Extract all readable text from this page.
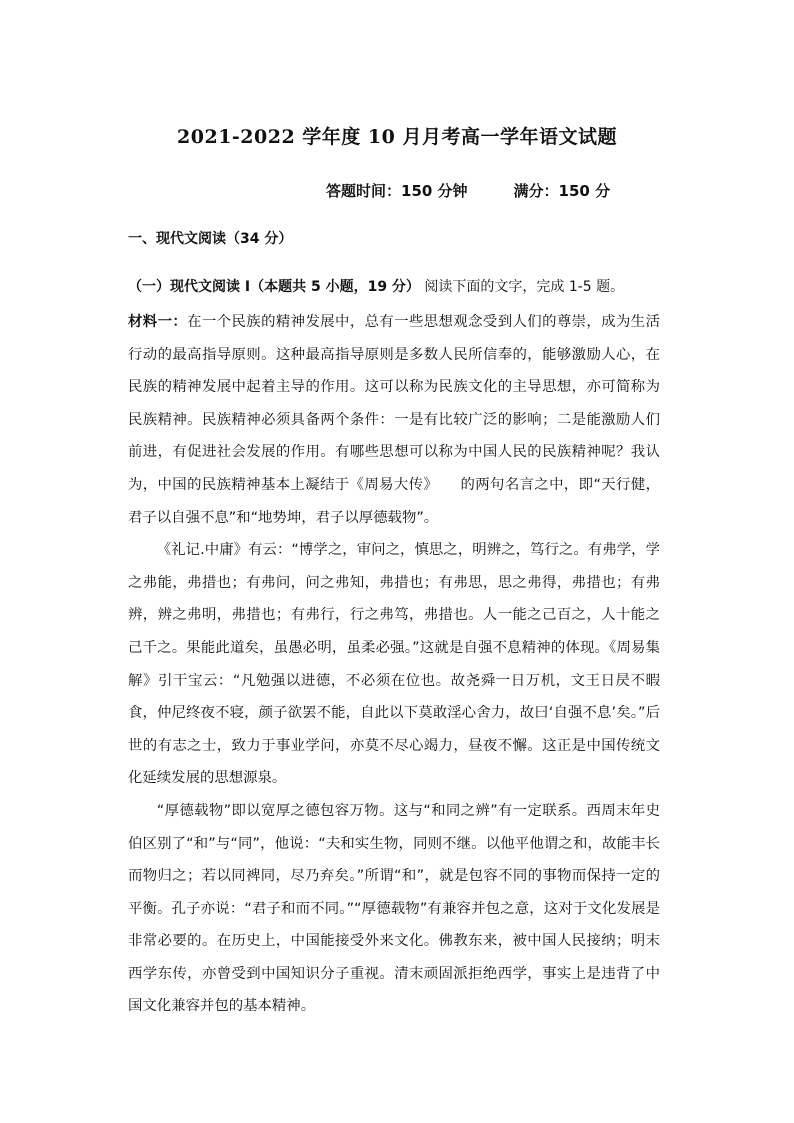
2021-2022 学年度 10 月月考高一学年语文试题
答题时间：150 分钟	满分：150 分
一、现代文阅读（34 分）
（一）现代文阅读 I（本题共 5 小题，19 分） 阅读下面的文字，完成 1-5 题。

材料一：在一个民族的精神发展中，总有一些思想观念受到人们的尊崇，成为生活行动的最高指导原则。这种最高指导原则是多数人民所信奉的，能够激励人心，在民族的精神发展中起着主导的作用。这可以称为民族文化的主导思想，亦可简称为民族精神。民族精神必须具备两个条件：一是有比较广泛的影响；二是能激励人们前进，有促进社会发展的作用。有哪些思想可以称为中国人民的民族精神呢？我认为，中国的民族精神基本上凝结于《周易大传》　　的两句名言之中，即“天行健，君子以自强不息”和“地势坤，君子以厚德载物”。

《礼记.中庸》有云：“博学之，审问之，慎思之，明辨之，笃行之。有弗学，学之弗能，弗措也；有弗问，问之弗知，弗措也；有弗思，思之弗得，弗措也；有弗辨，辨之弗明，弗措也；有弗行，行之弗笃，弗措也。人一能之己百之，人十能之己千之。果能此道矣，虽愚必明，虽柔必强。”这就是自强不息精神的体现。《周易集解》引干宝云：“凡勉强以进德，不必须在位也。故尧舜一日万机，文王日昃不暇食，仲尼终夜不寝，颜子欲罢不能，自此以下莫敢淫心舍力，故曰‘自强不息’矣。”后世的有志之士，致力于事业学问，亦莫不尽心竭力，昼夜不懈。这正是中国传统文化延续发展的思想源泉。

“厚德载物”即以宽厚之德包容万物。这与“和同之辨”有一定联系。西周末年史伯区别了“和”与“同”，他说：“夫和实生物，同则不继。以他平他谓之和，故能丰长而物归之；若以同裨同，尽乃弃矣。”所谓“和”，就是包容不同的事物而保持一定的平衡。孔子亦说：“君子和而不同。”“厚德载物”有兼容并包之意，这对于文化发展是非常必要的。在历史上，中国能接受外来文化。佛教东来，被中国人民接纳；明末西学东传，亦曾受到中国知识分子重视。清末顽固派拒绝西学，事实上是违背了中国文化兼容并包的基本精神。
